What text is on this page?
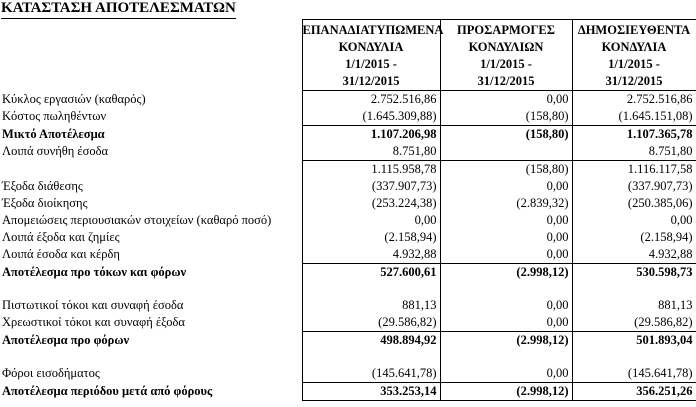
ΚΑΤΑΣΤΑΣΗ ΑΠΟΤΕΛΕΣΜΑΤΩΝ

	ΕΠΑΝΑΔΙΑΤΥΠΩΜΕΝΑ
ΚΟΝΔΥΛΙΑ
1/1/2015 -
31/12/2015	ΠΡΟΣΑΡΜΟΓΕΣ
ΚΟΝΔΥΛΙΩΝ
1/1/2015 -
31/12/2015	ΔΗΜΟΣΙΕΥΘΕΝΤΑ
ΚΟΝΔΥΛΙΑ
1/1/2015 -
31/12/2015

Κύκλος εργασιών (καθαρός)	2.752.516,86	0,00	2.752.516,86
Κόστος πωληθέντων	(1.645.309,88)	(158,80)	(1.645.151,08)
Μικτό Αποτέλεσμα	1.107.206,98	(158,80)	1.107.365,78
Λοιπά συνήθη έσοδα	8.751,80		8.751,80
	1.115.958,78	(158,80)	1.116.117,58
Έξοδα διάθεσης	(337.907,73)	0,00	(337.907,73)
Έξοδα διοίκησης	(253.224,38)	(2.839,32)	(250.385,06)
Απομειώσεις περιουσιακών στοιχείων (καθαρό ποσό)	0,00	0,00	0,00
Λοιπά έξοδα και ζημίες	(2.158,94)	0,00	(2.158,94)
Λοιπά έσοδα και κέρδη	4.932,88	0,00	4.932,88
Αποτέλεσμα προ τόκων και φόρων	527.600,61	(2.998,12)	530.598,73

Πιστωτικοί τόκοι και συναφή έσοδα	881,13	0,00	881,13
Χρεωστικοί τόκοι και συναφή έξοδα	(29.586,82)	0,00	(29.586,82)
Αποτέλεσμα προ φόρων	498.894,92	(2.998,12)	501.893,04

Φόροι εισοδήματος	(145.641,78)	0,00	(145.641,78)
Αποτέλεσμα περιόδου μετά από φόρους	353.253,14	(2.998,12)	356.251,26
